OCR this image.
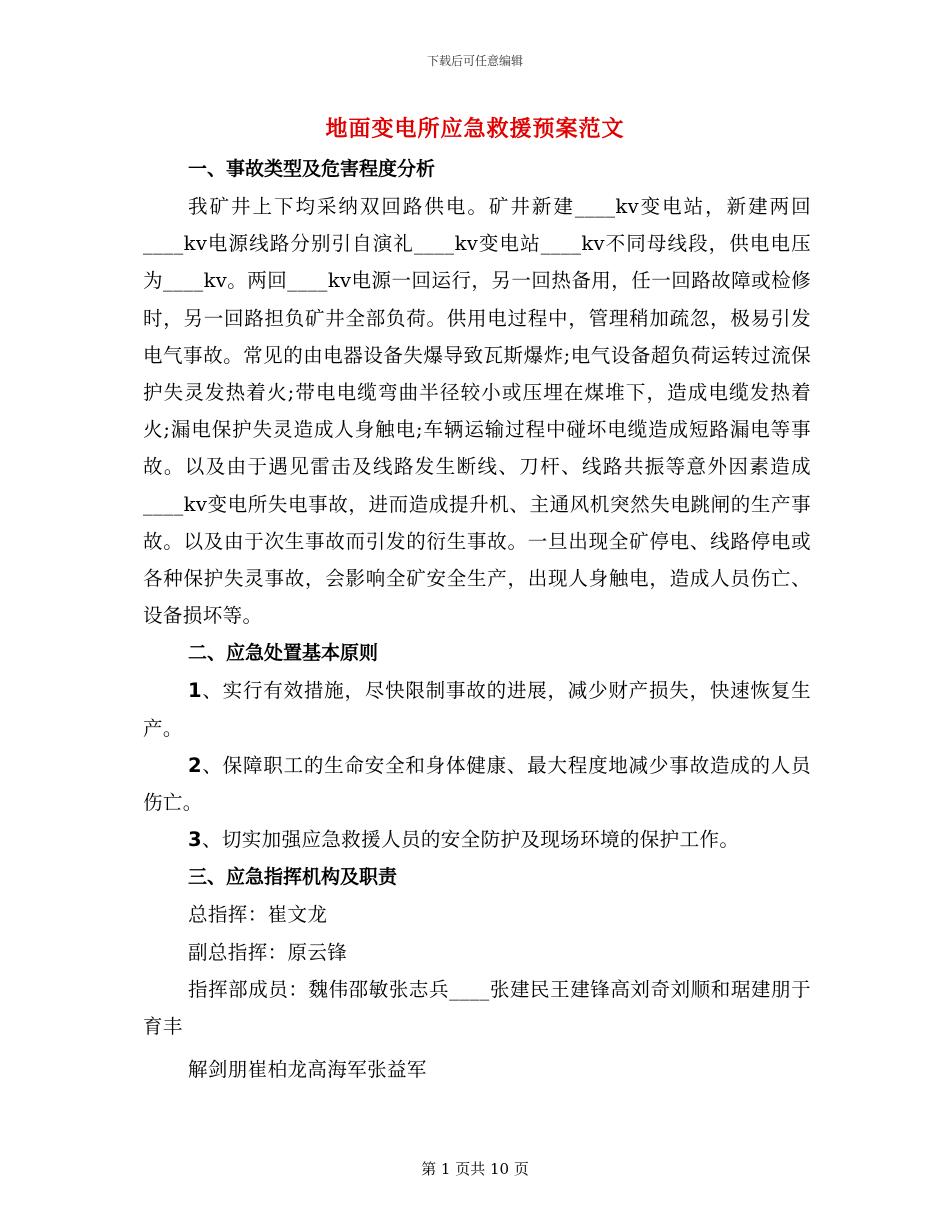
下载后可任意编辑
地面变电所应急救援预案范文

一、事故类型及危害程度分析

我矿井上下均采纳双回路供电。矿井新建____kv变电站，新建两回____kv电源线路分别引自演礼____kv变电站____kv不同母线段，供电电压为____kv。两回____kv电源一回运行，另一回热备用，任一回路故障或检修时，另一回路担负矿井全部负荷。供用电过程中，管理稍加疏忽，极易引发电气事故。常见的由电器设备失爆导致瓦斯爆炸;电气设备超负荷运转过流保护失灵发热着火;带电电缆弯曲半径较小或压埋在煤堆下，造成电缆发热着火;漏电保护失灵造成人身触电;车辆运输过程中碰坏电缆造成短路漏电等事故。以及由于遇见雷击及线路发生断线、刀杆、线路共振等意外因素造成____kv变电所失电事故，进而造成提升机、主通风机突然失电跳闸的生产事故。以及由于次生事故而引发的衍生事故。一旦出现全矿停电、线路停电或各种保护失灵事故，会影响全矿安全生产，出现人身触电，造成人员伤亡、设备损坏等。

二、应急处置基本原则

1、实行有效措施，尽快限制事故的进展，减少财产损失，快速恢复生产。

2、保障职工的生命安全和身体健康、最大程度地减少事故造成的人员伤亡。

3、切实加强应急救援人员的安全防护及现场环境的保护工作。

三、应急指挥机构及职责

总指挥：崔文龙

副总指挥：原云锋

指挥部成员：魏伟邵敏张志兵____张建民王建锋高刘奇刘顺和琚建朋于育丰

解剑朋崔柏龙高海军张益军

第 1 页共 10 页
